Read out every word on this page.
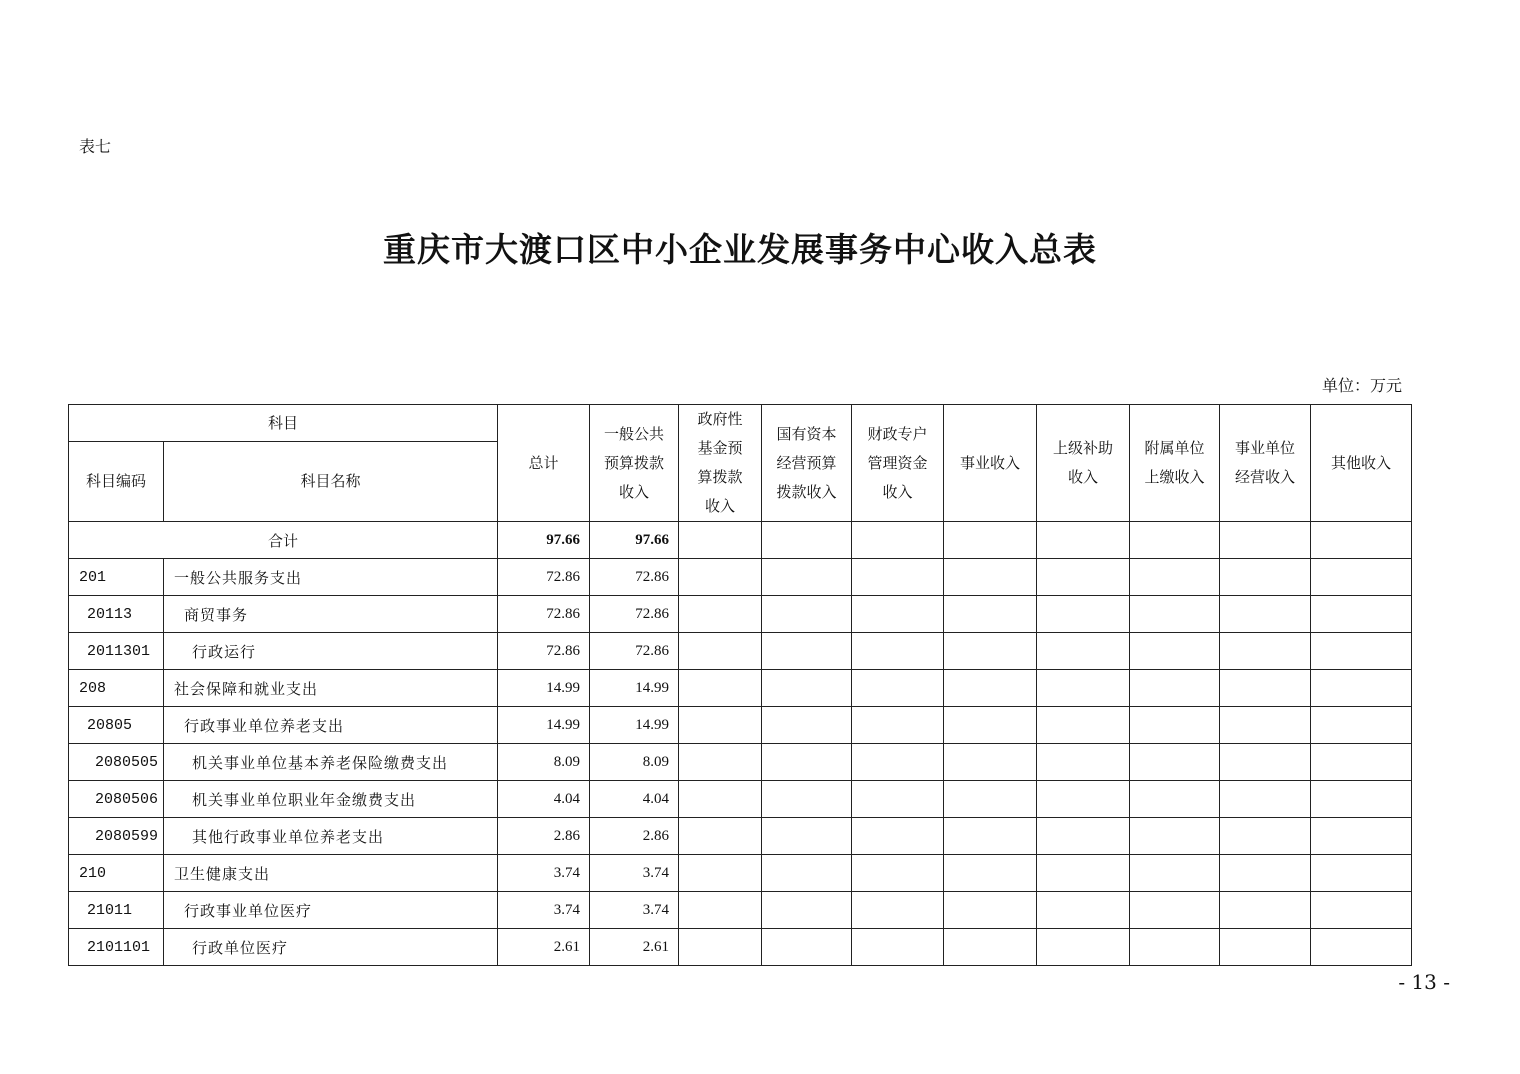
表七
重庆市大渡口区中小企业发展事务中心收入总表
单位：万元
科目		总计	一般公共预算拨款收入	政府性基金预算拨款收入	国有资本经营预算拨款收入	财政专户管理资金收入	事业收入	上级补助收入	附属单位上缴收入	事业单位经营收入	其他收入
科目编码	科目名称										
合计		97.66	97.66								
201	一般公共服务支出	72.86	72.86								
20113	商贸事务	72.86	72.86								
2011301	行政运行	72.86	72.86								
208	社会保障和就业支出	14.99	14.99								
20805	行政事业单位养老支出	14.99	14.99								
2080505	机关事业单位基本养老保险缴费支出	8.09	8.09								
2080506	机关事业单位职业年金缴费支出	4.04	4.04								
2080599	其他行政事业单位养老支出	2.86	2.86								
210	卫生健康支出	3.74	3.74								
21011	行政事业单位医疗	3.74	3.74								
2101101	行政单位医疗	2.61	2.61								
- 13 -
